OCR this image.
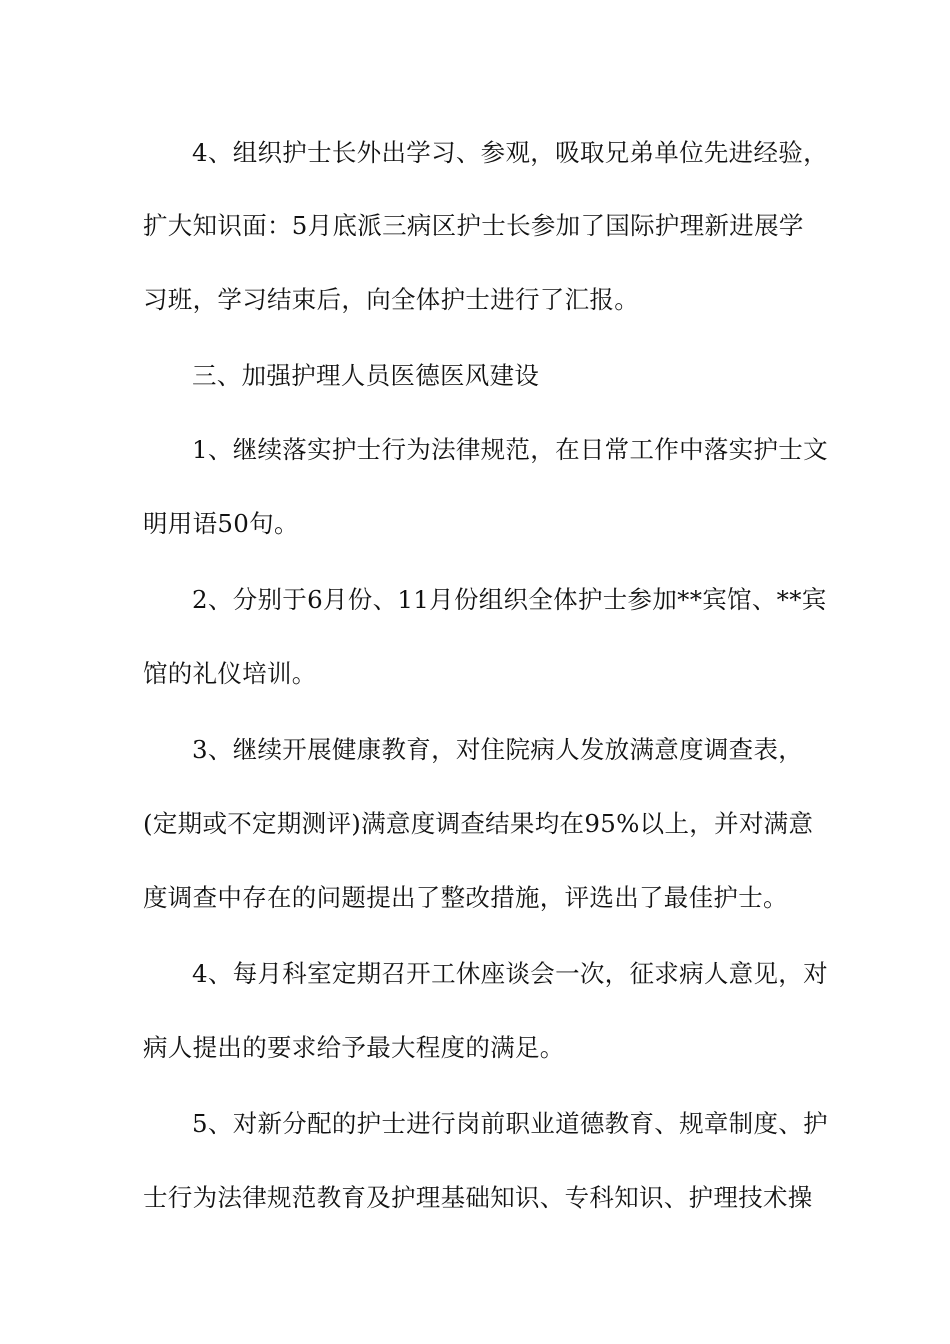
4、组织护士长外出学习、参观，吸取兄弟单位先进经验，
扩大知识面：5月底派三病区护士长参加了国际护理新进展学
习班，学习结束后，向全体护士进行了汇报。
三、加强护理人员医德医风建设
1、继续落实护士行为法律规范，在日常工作中落实护士文
明用语50句。
2、分别于6月份、11月份组织全体护士参加**宾馆、**宾
馆的礼仪培训。
3、继续开展健康教育，对住院病人发放满意度调查表，
(定期或不定期测评)满意度调查结果均在95%以上，并对满意
度调查中存在的问题提出了整改措施，评选出了最佳护士。
4、每月科室定期召开工休座谈会一次，征求病人意见，对
病人提出的要求给予最大程度的满足。
5、对新分配的护士进行岗前职业道德教育、规章制度、护
士行为法律规范教育及护理基础知识、专科知识、护理技术操
